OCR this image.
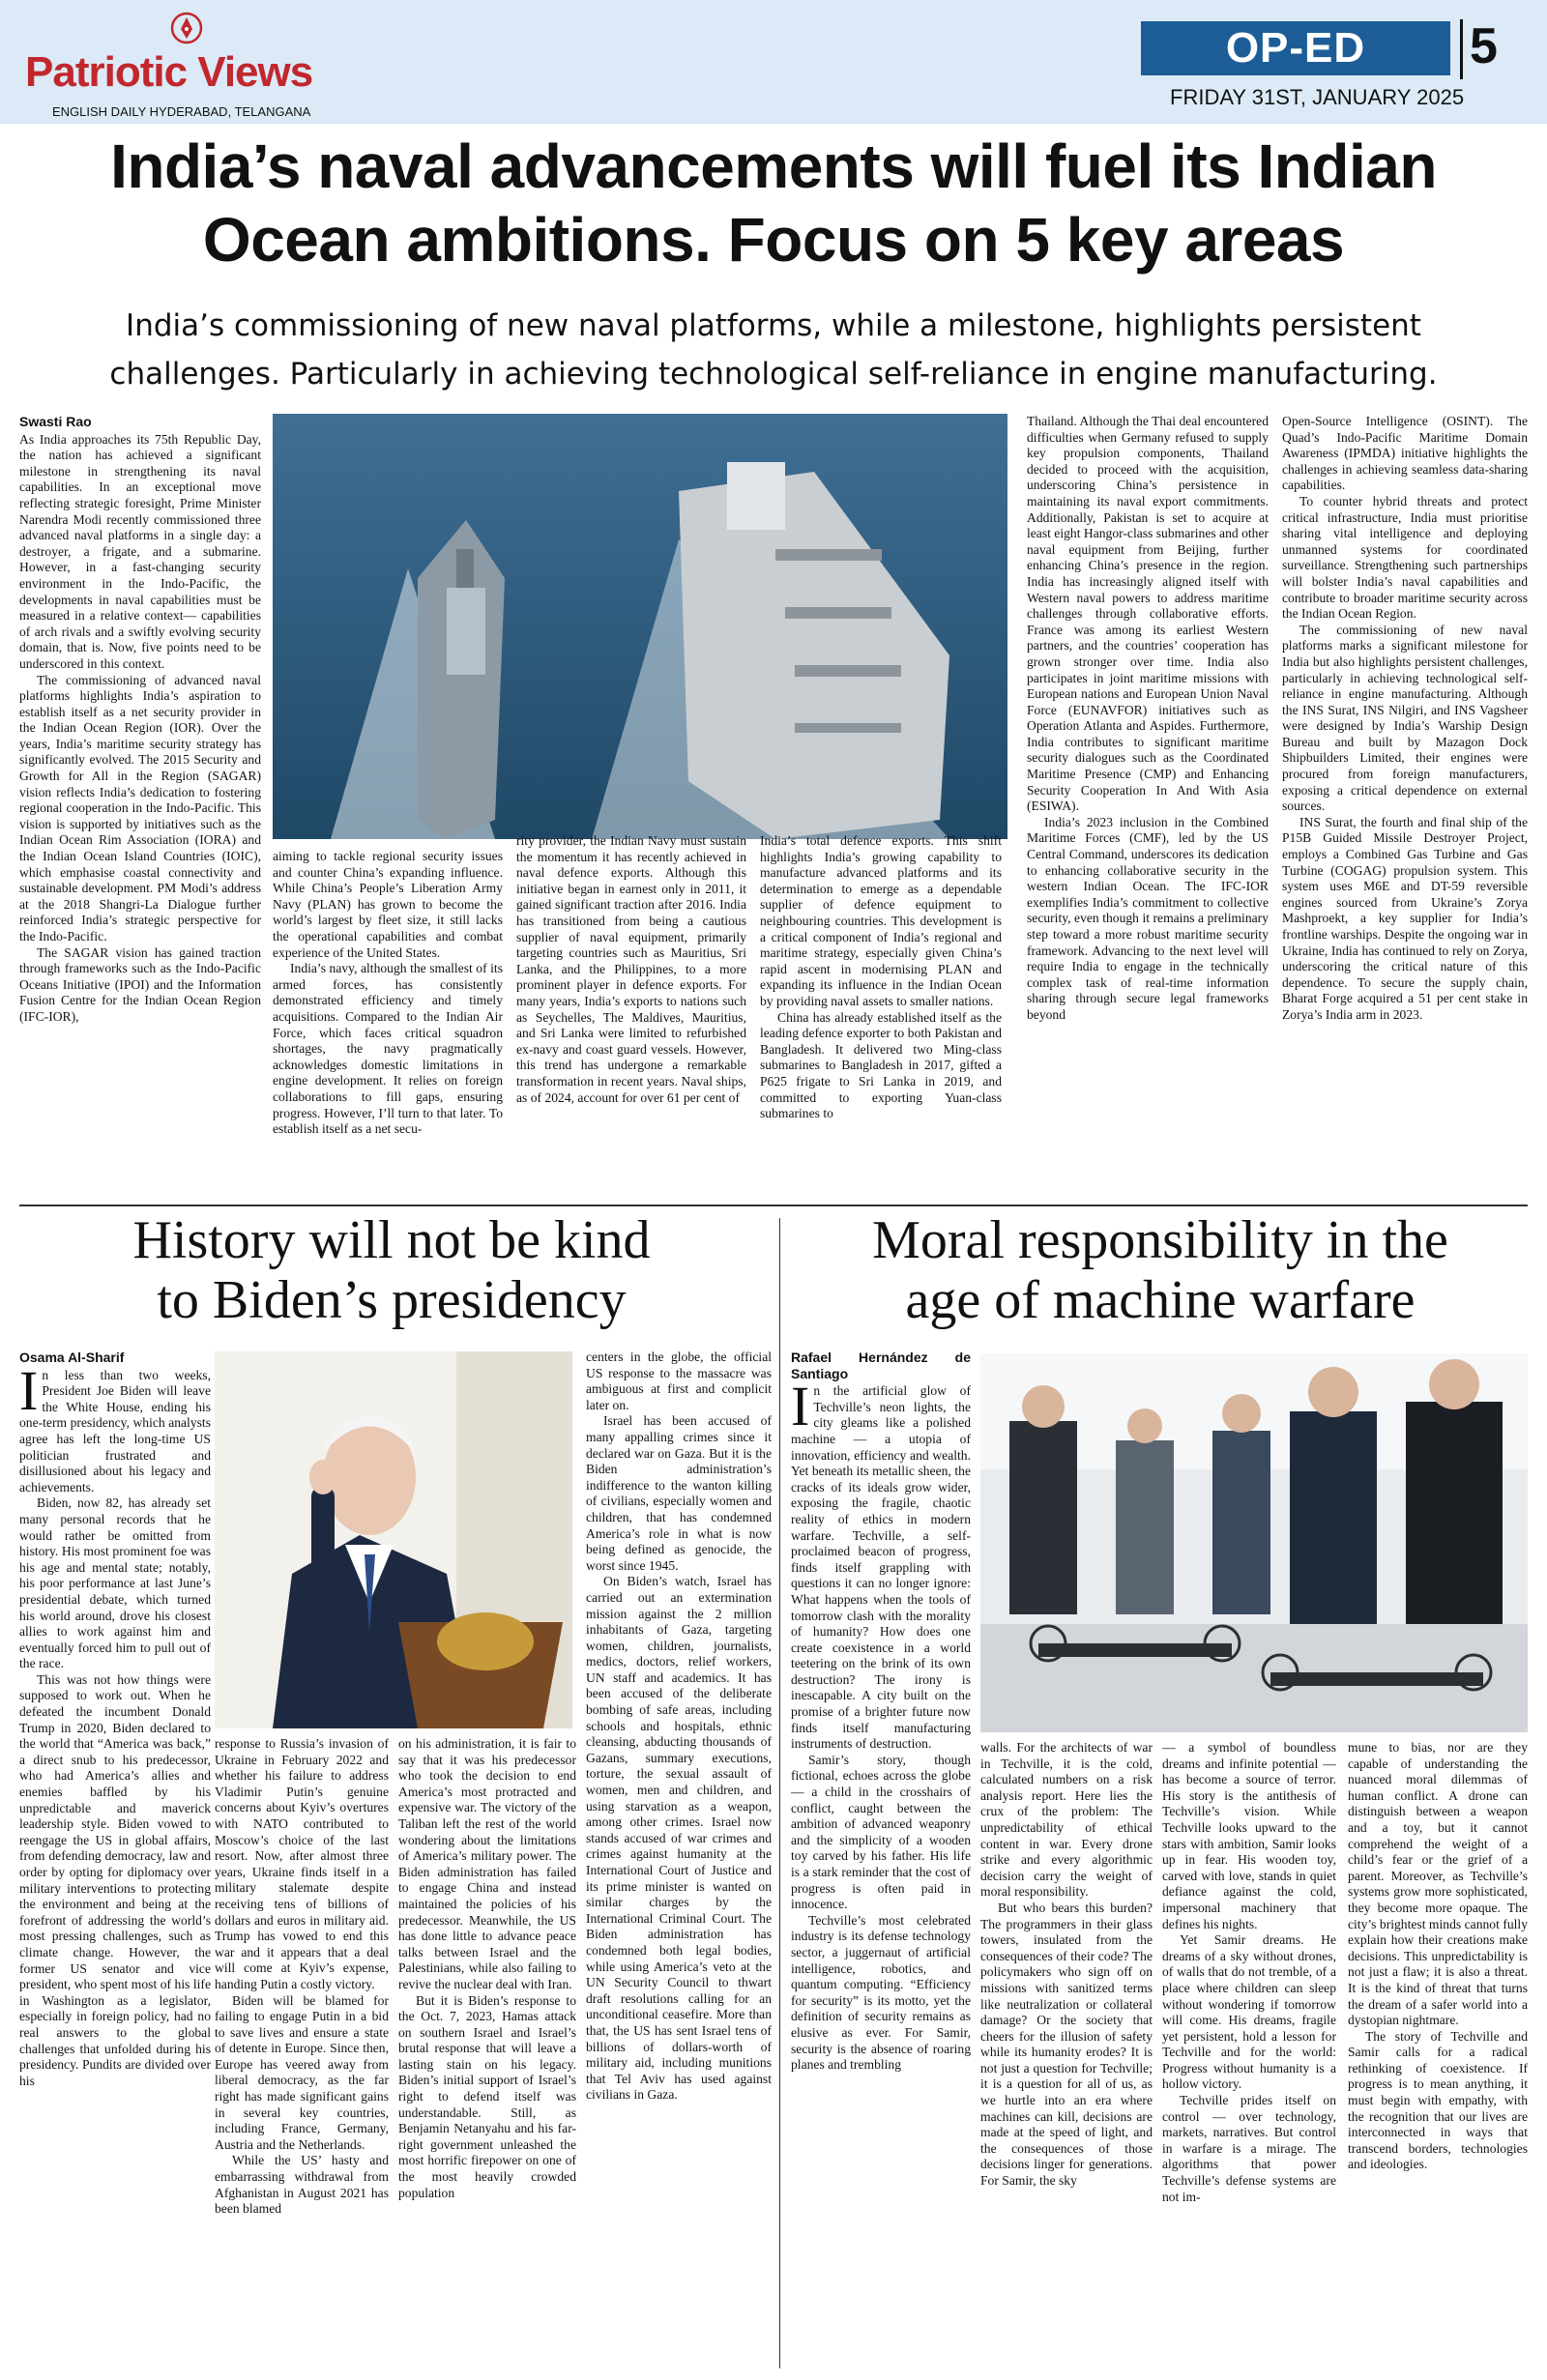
Patriotic Views
ENGLISH DAILY HYDERABAD, TELANGANA
OP-ED	5
FRIDAY 31ST, JANUARY 2025
India’s naval advancements will fuel its Indian
Ocean ambitions. Focus on 5 key areas
India’s commissioning of new naval platforms, while a milestone, highlights persistent
challenges. Particularly in achieving technological self-reliance in engine manufacturing.
Swasti Rao

As India approaches its 75th Republic Day, the nation has achieved a significant milestone in strengthening its naval capabilities. In an exceptional move reflecting strategic foresight, Prime Minister Narendra Modi recently commissioned three advanced naval platforms in a single day: a destroyer, a frigate, and a submarine. However, in a fast-changing security environment in the Indo-Pacific, the developments in naval capabilities must be measured in a relative context— capabilities of arch rivals and a swiftly evolving security domain, that is. Now, five points need to be underscored in this context.

The commissioning of advanced naval platforms highlights India’s aspiration to establish itself as a net security provider in the Indian Ocean Region (IOR). Over the years, India’s maritime security strategy has significantly evolved. The 2015 Security and Growth for All in the Region (SAGAR) vision reflects India’s dedication to fostering regional cooperation in the Indo-Pacific. This vision is supported by initiatives such as the Indian Ocean Rim Association (IORA) and the Indian Ocean Island Countries (IOIC), which emphasise coastal connectivity and sustainable development. PM Modi’s address at the 2018 Shangri-La Dialogue further reinforced India’s strategic perspective for the Indo-Pacific.

The SAGAR vision has gained traction through frameworks such as the Indo-Pacific Oceans Initiative (IPOI) and the Information Fusion Centre for the Indian Ocean Region (IFC-IOR),

aiming to tackle regional security issues and counter China’s expanding influence. While China’s People’s Liberation Army Navy (PLAN) has grown to become the world’s largest by fleet size, it still lacks the operational capabilities and combat experience of the United States.

India’s navy, although the smallest of its armed forces, has consistently demonstrated efficiency and timely acquisitions. Compared to the Indian Air Force, which faces critical squadron shortages, the navy pragmatically acknowledges domestic limitations in engine development. It relies on foreign collaborations to fill gaps, ensuring progress. However, I’ll turn to that later. To establish itself as a net secu-

rity provider, the Indian Navy must sustain the momentum it has recently achieved in naval defence exports. Although this initiative began in earnest only in 2011, it gained significant traction after 2016. India has transitioned from being a cautious supplier of naval equipment, primarily targeting countries such as Mauritius, Sri Lanka, and the Philippines, to a more prominent player in defence exports. For many years, India’s exports to nations such as Seychelles, The Maldives, Mauritius, and Sri Lanka were limited to refurbished ex-navy and coast guard vessels. However, this trend has undergone a remarkable transformation in recent years. Naval ships, as of 2024, account for over 61 per cent of

India’s total defence exports. This shift highlights India’s growing capability to manufacture advanced platforms and its determination to emerge as a dependable supplier of defence equipment to neighbouring countries. This development is a critical component of India’s regional and maritime strategy, especially given China’s rapid ascent in modernising PLAN and expanding its influence in the Indian Ocean by providing naval assets to smaller nations.

China has already established itself as the leading defence exporter to both Pakistan and Bangladesh. It delivered two Ming-class submarines to Bangladesh in 2017, gifted a P625 frigate to Sri Lanka in 2019, and committed to exporting Yuan-class submarines to

Thailand. Although the Thai deal encountered difficulties when Germany refused to supply key propulsion components, Thailand decided to proceed with the acquisition, underscoring China’s persistence in maintaining its naval export commitments. Additionally, Pakistan is set to acquire at least eight Hangor-class submarines and other naval equipment from Beijing, further enhancing China’s presence in the region. India has increasingly aligned itself with Western naval powers to address maritime challenges through collaborative efforts. France was among its earliest Western partners, and the countries’ cooperation has grown stronger over time. India also participates in joint maritime missions with European nations and European Union Naval Force (EUNAVFOR) initiatives such as Operation Atlanta and Aspides. Furthermore, India contributes to significant maritime security dialogues such as the Coordinated Maritime Presence (CMP) and Enhancing Security Cooperation In And With Asia (ESIWA).

India’s 2023 inclusion in the Combined Maritime Forces (CMF), led by the US Central Command, underscores its dedication to enhancing collaborative security in the western Indian Ocean. The IFC-IOR exemplifies India’s commitment to collective security, even though it remains a preliminary step toward a more robust maritime security framework. Advancing to the next level will require India to engage in the technically complex task of real-time information sharing through secure legal frameworks beyond

Open-Source Intelligence (OSINT). The Quad’s Indo-Pacific Maritime Domain Awareness (IPMDA) initiative highlights the challenges in achieving seamless data-sharing capabilities.

To counter hybrid threats and protect critical infrastructure, India must prioritise sharing vital intelligence and deploying unmanned systems for coordinated surveillance. Strengthening such partnerships will bolster India’s naval capabilities and contribute to broader maritime security across the Indian Ocean Region.

The commissioning of new naval platforms marks a significant milestone for India but also highlights persistent challenges, particularly in achieving technological self-reliance in engine manufacturing. Although the INS Surat, INS Nilgiri, and INS Vagsheer were designed by India’s Warship Design Bureau and built by Mazagon Dock Shipbuilders Limited, their engines were procured from foreign manufacturers, exposing a critical dependence on external sources.

INS Surat, the fourth and final ship of the P15B Guided Missile Destroyer Project, employs a Combined Gas Turbine and Gas Turbine (COGAG) propulsion system. This system uses M6E and DT-59 reversible engines sourced from Ukraine’s Zorya Mashproekt, a key supplier for India’s frontline warships. Despite the ongoing war in Ukraine, India has continued to rely on Zorya, underscoring the critical nature of this dependence. To secure the supply chain, Bharat Forge acquired a 51 per cent stake in Zorya’s India arm in 2023.

History will not be kind
to Biden’s presidency
Osama Al-Sharif

In less than two weeks, President Joe Biden will leave the White House, ending his one-term presidency, which analysts agree has left the long-time US politician frustrated and disillusioned about his legacy and achievements.

Biden, now 82, has already set many personal records that he would rather be omitted from history. His most prominent foe was his age and mental state; notably, his poor performance at last June’s presidential debate, which turned his world around, drove his closest allies to work against him and eventually forced him to pull out of the race.

This was not how things were supposed to work out. When he defeated the incumbent Donald Trump in 2020, Biden declared to the world that “America was back,” a direct snub to his predecessor, who had America’s allies and enemies baffled by his unpredictable and maverick leadership style. Biden vowed to reengage the US in global affairs, from defending democracy, law and order by opting for diplomacy over military interventions to protecting the environment and being at the forefront of addressing the world’s most pressing challenges, such as climate change. However, the former US senator and vice president, who spent most of his life in Washington as a legislator, especially in foreign policy, had no real answers to the global challenges that unfolded during his presidency. Pundits are divided over his

response to Russia’s invasion of Ukraine in February 2022 and whether his failure to address Vladimir Putin’s genuine concerns about Kyiv’s overtures with NATO contributed to Moscow’s choice of the last resort. Now, after almost three years, Ukraine finds itself in a military stalemate despite receiving tens of billions of dollars and euros in military aid. Trump has vowed to end this war and it appears that a deal will come at Kyiv’s expense, handing Putin a costly victory.

Biden will be blamed for failing to engage Putin in a bid to save lives and ensure a state of detente in Europe. Since then, Europe has veered away from liberal democracy, as the far right has made significant gains in several key countries, including France, Germany, Austria and the Netherlands.

While the US’ hasty and embarrassing withdrawal from Afghanistan in August 2021 has been blamed

on his administration, it is fair to say that it was his predecessor who took the decision to end America’s most protracted and expensive war. The victory of the Taliban left the rest of the world wondering about the limitations of America’s military power. The Biden administration has failed to engage China and instead maintained the policies of his predecessor. Meanwhile, the US has done little to advance peace talks between Israel and the Palestinians, while also failing to revive the nuclear deal with Iran.

But it is Biden’s response to the Oct. 7, 2023, Hamas attack on southern Israel and Israel’s brutal response that will leave a lasting stain on his legacy. Biden’s initial support of Israel’s right to defend itself was understandable. Still, as Benjamin Netanyahu and his far-right government unleashed the most horrific firepower on one of the most heavily crowded population

centers in the globe, the official US response to the massacre was ambiguous at first and complicit later on.

Israel has been accused of many appalling crimes since it declared war on Gaza. But it is the Biden administration’s indifference to the wanton killing of civilians, especially women and children, that has condemned America’s role in what is now being defined as genocide, the worst since 1945.

On Biden’s watch, Israel has carried out an extermination mission against the 2 million inhabitants of Gaza, targeting women, children, journalists, medics, doctors, relief workers, UN staff and academics. It has been accused of the deliberate bombing of safe areas, including schools and hospitals, ethnic cleansing, abducting thousands of Gazans, summary executions, torture, the sexual assault of women, men and children, and using starvation as a weapon, among other crimes. Israel now stands accused of war crimes and crimes against humanity at the International Court of Justice and its prime minister is wanted on similar charges by the International Criminal Court. The Biden administration has condemned both legal bodies, while using America’s veto at the UN Security Council to thwart draft resolutions calling for an unconditional ceasefire. More than that, the US has sent Israel tens of billions of dollars-worth of military aid, including munitions that Tel Aviv has used against civilians in Gaza.

Moral responsibility in the
age of machine warfare
Rafael Hernández de Santiago

In the artificial glow of Techville’s neon lights, the city gleams like a polished machine — a utopia of innovation, efficiency and wealth. Yet beneath its metallic sheen, the cracks of its ideals grow wider, exposing the fragile, chaotic reality of ethics in modern warfare. Techville, a self-proclaimed beacon of progress, finds itself grappling with questions it can no longer ignore: What happens when the tools of tomorrow clash with the morality of humanity? How does one create coexistence in a world teetering on the brink of its own destruction? The irony is inescapable. A city built on the promise of a brighter future now finds itself manufacturing instruments of destruction.

Samir’s story, though fictional, echoes across the globe — a child in the crosshairs of conflict, caught between the ambition of advanced weaponry and the simplicity of a wooden toy carved by his father. His life is a stark reminder that the cost of progress is often paid in innocence.

Techville’s most celebrated industry is its defense technology sector, a juggernaut of artificial intelligence, robotics, and quantum computing. “Efficiency for security” is its motto, yet the definition of security remains as elusive as ever. For Samir, security is the absence of roaring planes and trembling

walls. For the architects of war in Techville, it is the cold, calculated numbers on a risk analysis report. Here lies the crux of the problem: The unpredictability of ethical content in war. Every drone strike and every algorithmic decision carry the weight of moral responsibility.

But who bears this burden? The programmers in their glass towers, insulated from the consequences of their code? The policymakers who sign off on missions with sanitized terms like neutralization or collateral damage? Or the society that cheers for the illusion of safety while its humanity erodes? It is not just a question for Techville; it is a question for all of us, as we hurtle into an era where machines can kill, decisions are made at the speed of light, and the consequences of those decisions linger for generations. For Samir, the sky

— a symbol of boundless dreams and infinite potential — has become a source of terror. His story is the antithesis of Techville’s vision. While Techville looks upward to the stars with ambition, Samir looks up in fear. His wooden toy, carved with love, stands in quiet defiance against the cold, impersonal machinery that defines his nights.

Yet Samir dreams. He dreams of a sky without drones, of walls that do not tremble, of a place where children can sleep without wondering if tomorrow will come. His dreams, fragile yet persistent, hold a lesson for Techville and for the world: Progress without humanity is a hollow victory.

Techville prides itself on control — over technology, markets, narratives. But control in warfare is a mirage. The algorithms that power Techville’s defense systems are not im-

mune to bias, nor are they capable of understanding the nuanced moral dilemmas of human conflict. A drone can distinguish between a weapon and a toy, but it cannot comprehend the weight of a child’s fear or the grief of a parent. Moreover, as Techville’s systems grow more sophisticated, they become more opaque. The city’s brightest minds cannot fully explain how their creations make decisions. This unpredictability is not just a flaw; it is also a threat. It is the kind of threat that turns the dream of a safer world into a dystopian nightmare.

The story of Techville and Samir calls for a radical rethinking of coexistence. If progress is to mean anything, it must begin with empathy, with the recognition that our lives are interconnected in ways that transcend borders, technologies and ideologies.
